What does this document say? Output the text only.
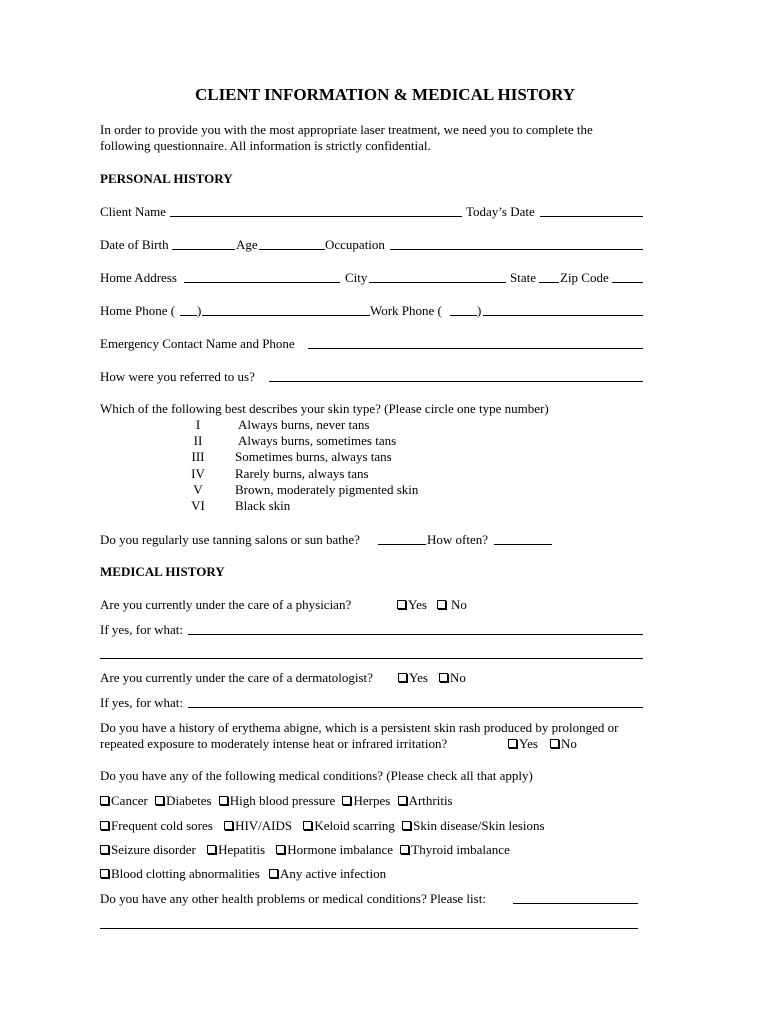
CLIENT INFORMATION & MEDICAL HISTORY
In order to provide you with the most appropriate laser treatment, we need you to complete the
following questionnaire. All information is strictly confidential.
PERSONAL HISTORY
Client Name	Today’s Date
Date of Birth	Age	Occupation
Home Address	City	State Zip Code
Home Phone ( )	Work Phone (	)
Emergency Contact Name and Phone
How were you referred to us?
Which of the following best describes your skin type? (Please circle one type number)
I	Always burns, never tans
II	Always burns, sometimes tans
III	Sometimes burns, always tans
IV	Rarely burns, always tans
V	Brown, moderately pigmented skin
VI	Black skin
Do you regularly use tanning salons or sun bathe?	How often?
MEDICAL HISTORY
Are you currently under the care of a physician?	Yes	No
If yes, for what:
Are you currently under the care of a dermatologist?	Yes	No
If yes, for what:
Do you have a history of erythema abigne, which is a persistent skin rash produced by prolonged or
repeated exposure to moderately intense heat or infrared irritation?	Yes	No
Do you have any of the following medical conditions? (Please check all that apply)
Cancer Diabetes High blood pressure Herpes Arthritis
Frequent cold sores HIV/AIDS Keloid scarring Skin disease/Skin lesions
Seizure disorder Hepatitis Hormone imbalance Thyroid imbalance
Blood clotting abnormalities Any active infection
Do you have any other health problems or medical conditions? Please list:
